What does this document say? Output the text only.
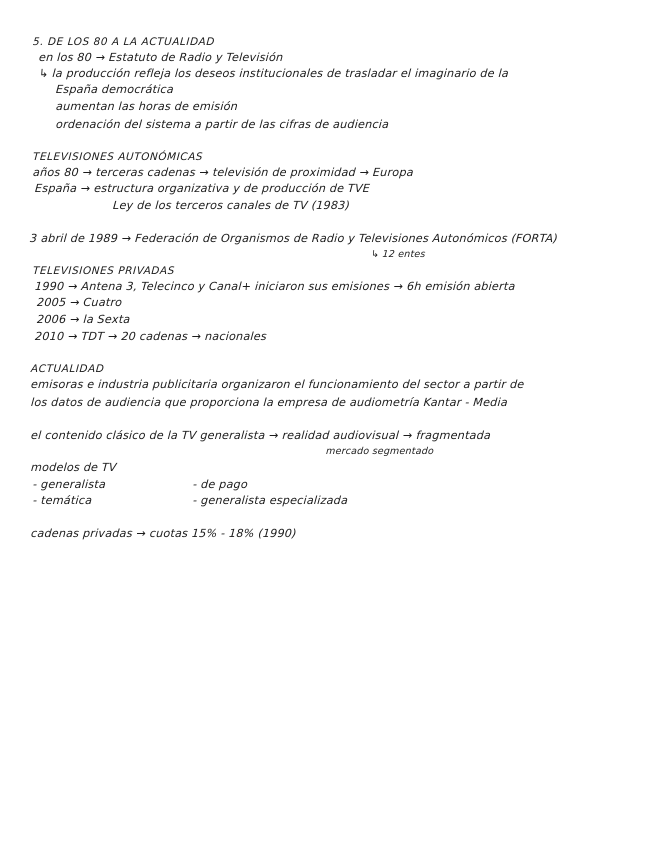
5. DE LOS 80 A LA ACTUALIDAD
en los 80 → Estatuto de Radio y Televisión
↳ la producción refleja los deseos institucionales de trasladar el imaginario de la
España democrática
aumentan las horas de emisión
ordenación del sistema a partir de las cifras de audiencia
TELEVISIONES AUTONÓMICAS
años 80 → terceras cadenas → televisión de proximidad → Europa
España → estructura organizativa y de producción de TVE
Ley de los terceros canales de TV (1983)
3 abril de 1989 → Federación de Organismos de Radio y Televisiones Autonómicos (FORTA)
↳ 12 entes
TELEVISIONES PRIVADAS
1990 → Antena 3, Telecinco y Canal+ iniciaron sus emisiones → 6h emisión abierta
2005 → Cuatro
2006 → la Sexta
2010 → TDT → 20 cadenas → nacionales
ACTUALIDAD
emisoras e industria publicitaria organizaron el funcionamiento del sector a partir de
los datos de audiencia que proporciona la empresa de audiometría Kantar - Media
el contenido clásico de la TV generalista → realidad audiovisual → fragmentada
mercado segmentado
modelos de TV
- generalista	- de pago
- temática	- generalista especializada
cadenas privadas → cuotas 15% - 18% (1990)
